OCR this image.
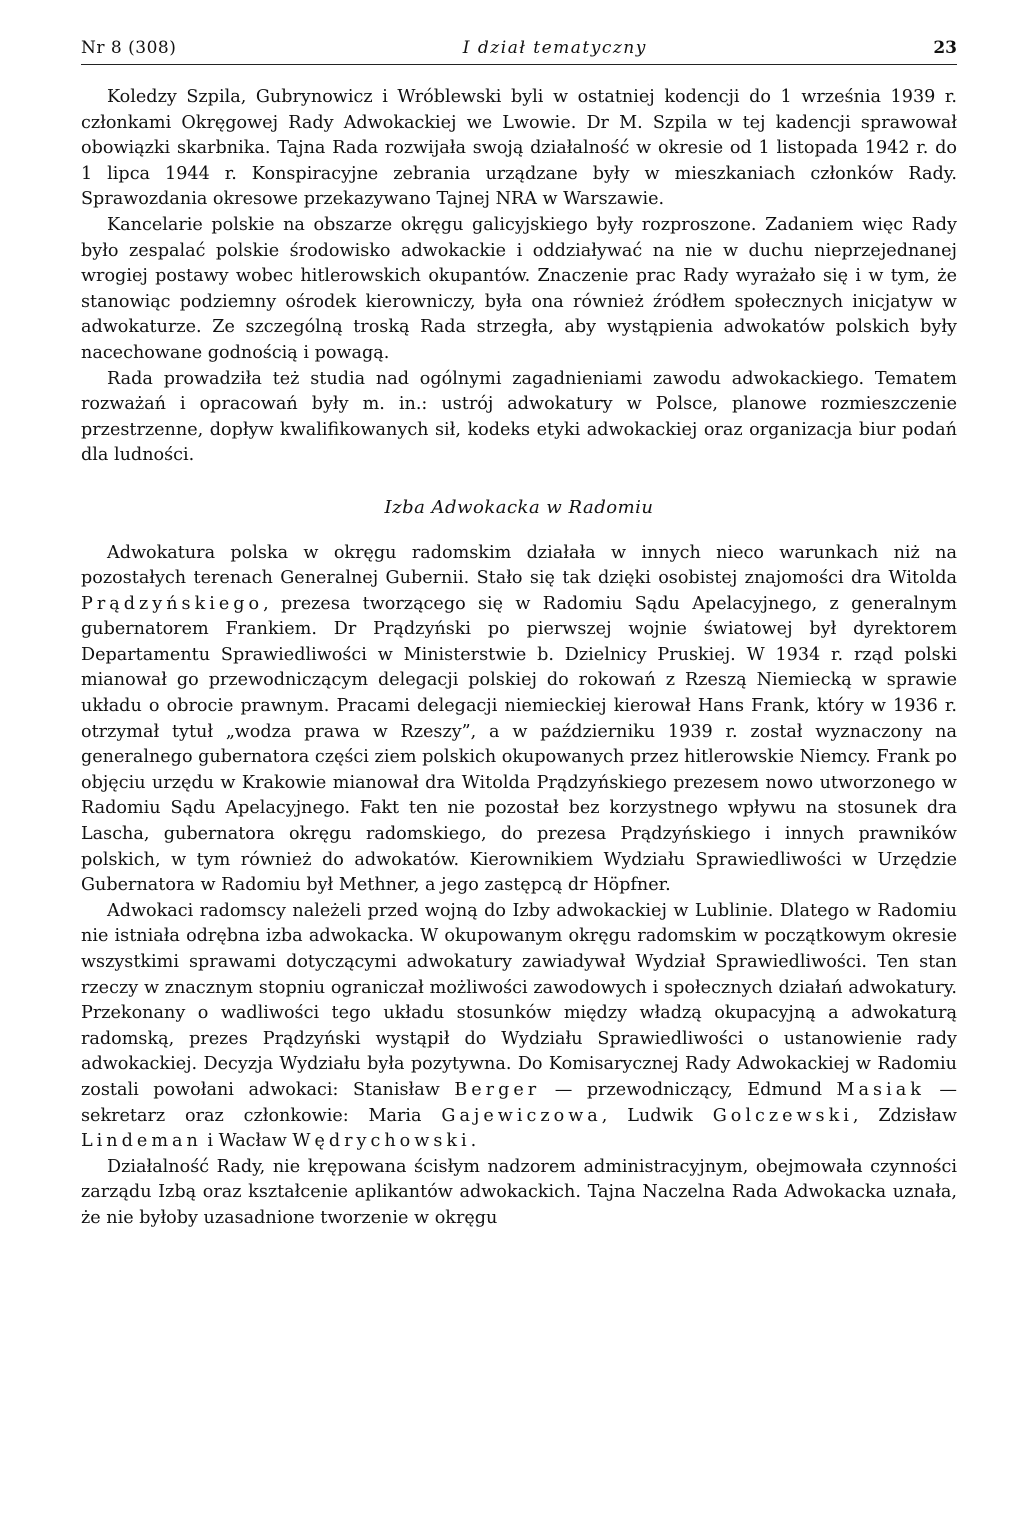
Nr 8 (308)	I dział tematyczny	23

Koledzy Szpila, Gubrynowicz i Wróblewski byli w ostatniej kodencji do 1 września 1939 r. członkami Okręgowej Rady Adwokackiej we Lwowie. Dr M. Szpila w tej kadencji sprawował obowiązki skarbnika. Tajna Rada rozwijała swoją działalność w okresie od 1 listopada 1942 r. do 1 lipca 1944 r. Konspiracyjne zebrania urządzane były w mieszkaniach członków Rady. Sprawozdania okresowe przekazywano Tajnej NRA w Warszawie.

Kancelarie polskie na obszarze okręgu galicyjskiego były rozproszone. Zadaniem więc Rady było zespalać polskie środowisko adwokackie i oddziaływać na nie w duchu nieprzejednanej wrogiej postawy wobec hitlerowskich okupantów. Znaczenie prac Rady wyrażało się i w tym, że stanowiąc podziemny ośrodek kierowniczy, była ona również źródłem społecznych inicjatyw w adwokaturze. Ze szczególną troską Rada strzegła, aby wystąpienia adwokatów polskich były nacechowane godnością i powagą.

Rada prowadziła też studia nad ogólnymi zagadnieniami zawodu adwokackiego. Tematem rozważań i opracowań były m. in.: ustrój adwokatury w Polsce, planowe rozmieszczenie przestrzenne, dopływ kwalifikowanych sił, kodeks etyki adwokackiej oraz organizacja biur podań dla ludności.

Izba Adwokacka w Radomiu

Adwokatura polska w okręgu radomskim działała w innych nieco warunkach niż na pozostałych terenach Generalnej Gubernii. Stało się tak dzięki osobistej znajomości dra Witolda Prądzyńskiego, prezesa tworzącego się w Radomiu Sądu Apelacyjnego, z generalnym gubernatorem Frankiem. Dr Prądzyński po pierwszej wojnie światowej był dyrektorem Departamentu Sprawiedliwości w Ministerstwie b. Dzielnicy Pruskiej. W 1934 r. rząd polski mianował go przewodniczącym delegacji polskiej do rokowań z Rzeszą Niemiecką w sprawie układu o obrocie prawnym. Pracami delegacji niemieckiej kierował Hans Frank, który w 1936 r. otrzymał tytuł „wodza prawa w Rzeszy”, a w październiku 1939 r. został wyznaczony na generalnego gubernatora części ziem polskich okupowanych przez hitlerowskie Niemcy. Frank po objęciu urzędu w Krakowie mianował dra Witolda Prądzyńskiego prezesem nowo utworzonego w Radomiu Sądu Apelacyjnego. Fakt ten nie pozostał bez korzystnego wpływu na stosunek dra Lascha, gubernatora okręgu radomskiego, do prezesa Prądzyńskiego i innych prawników polskich, w tym również do adwokatów. Kierownikiem Wydziału Sprawiedliwości w Urzędzie Gubernatora w Radomiu był Methner, a jego zastępcą dr Höpfner.

Adwokaci radomscy należeli przed wojną do Izby adwokackiej w Lublinie. Dlatego w Radomiu nie istniała odrębna izba adwokacka. W okupowanym okręgu radomskim w początkowym okresie wszystkimi sprawami dotyczącymi adwokatury zawiadywał Wydział Sprawiedliwości. Ten stan rzeczy w znacznym stopniu ograniczał możliwości zawodowych i społecznych działań adwokatury. Przekonany o wadliwości tego układu stosunków między władzą okupacyjną a adwokaturą radomską, prezes Prądzyński wystąpił do Wydziału Sprawiedliwości o ustanowienie rady adwokackiej. Decyzja Wydziału była pozytywna. Do Komisarycznej Rady Adwokackiej w Radomiu zostali powołani adwokaci: Stanisław Berger — przewodniczący, Edmund Masiak — sekretarz oraz członkowie: Maria Gajewiczowa, Ludwik Golczewski, Zdzisław Lindeman i Wacław Wędrychowski.

Działalność Rady, nie krępowana ścisłym nadzorem administracyjnym, obejmowała czynności zarządu Izbą oraz kształcenie aplikantów adwokackich. Tajna Naczelna Rada Adwokacka uznała, że nie byłoby uzasadnione tworzenie w okręgu
